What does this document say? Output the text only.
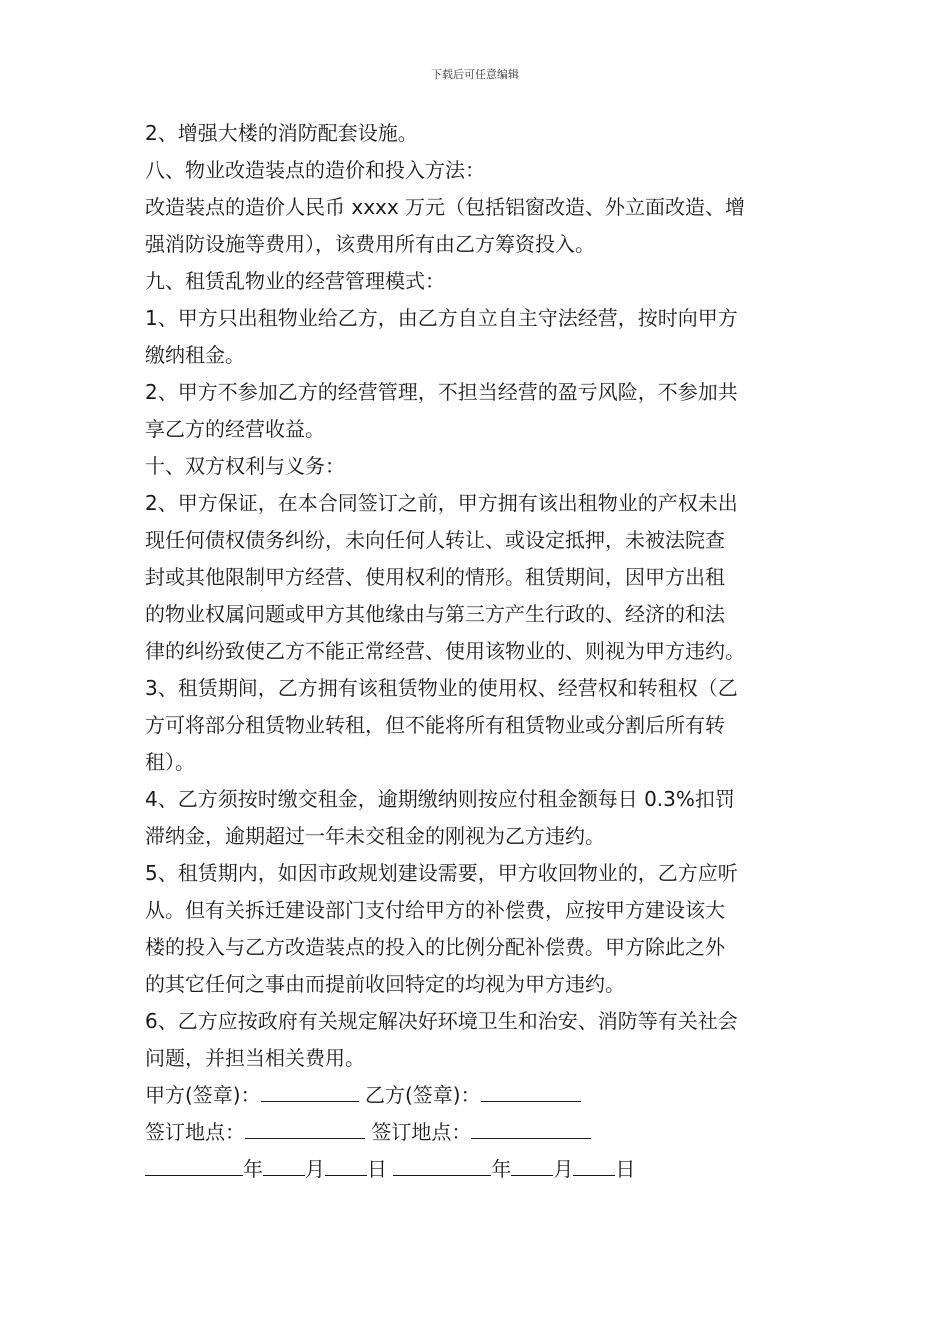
下载后可任意编辑
2、增强大楼的消防配套设施。
八、物业改造装点的造价和投入方法：
改造装点的造价人民币 xxxx 万元（包括铝窗改造、外立面改造、增
强消防设施等费用），该费用所有由乙方筹资投入。
九、租赁乱物业的经营管理模式：
1、甲方只出租物业给乙方，由乙方自立自主守法经营，按时向甲方
缴纳租金。
2、甲方不参加乙方的经营管理，不担当经营的盈亏风险，不参加共
享乙方的经营收益。
十、双方权利与义务：
2、甲方保证，在本合同签订之前，甲方拥有该出租物业的产权未出
现任何债权债务纠纷，未向任何人转让、或设定抵押，未被法院查
封或其他限制甲方经营、使用权利的情形。租赁期间，因甲方出租
的物业权属问题或甲方其他缘由与第三方产生行政的、经济的和法
律的纠纷致使乙方不能正常经营、使用该物业的、则视为甲方违约。
3、租赁期间，乙方拥有该租赁物业的使用权、经营权和转租权（乙
方可将部分租赁物业转租，但不能将所有租赁物业或分割后所有转
租）。
4、乙方须按时缴交租金，逾期缴纳则按应付租金额每日 0.3%扣罚
滞纳金，逾期超过一年未交租金的刚视为乙方违约。
5、租赁期内，如因市政规划建设需要，甲方收回物业的，乙方应听
从。但有关拆迁建设部门支付给甲方的补偿费，应按甲方建设该大
楼的投入与乙方改造装点的投入的比例分配补偿费。甲方除此之外
的其它任何之事由而提前收回特定的均视为甲方违约。
6、乙方应按政府有关规定解决好环境卫生和治安、消防等有关社会
问题，并担当相关费用。
甲方(签章)：	乙方(签章)：
签订地点：	签订地点：
年 月 日	年 月 日
